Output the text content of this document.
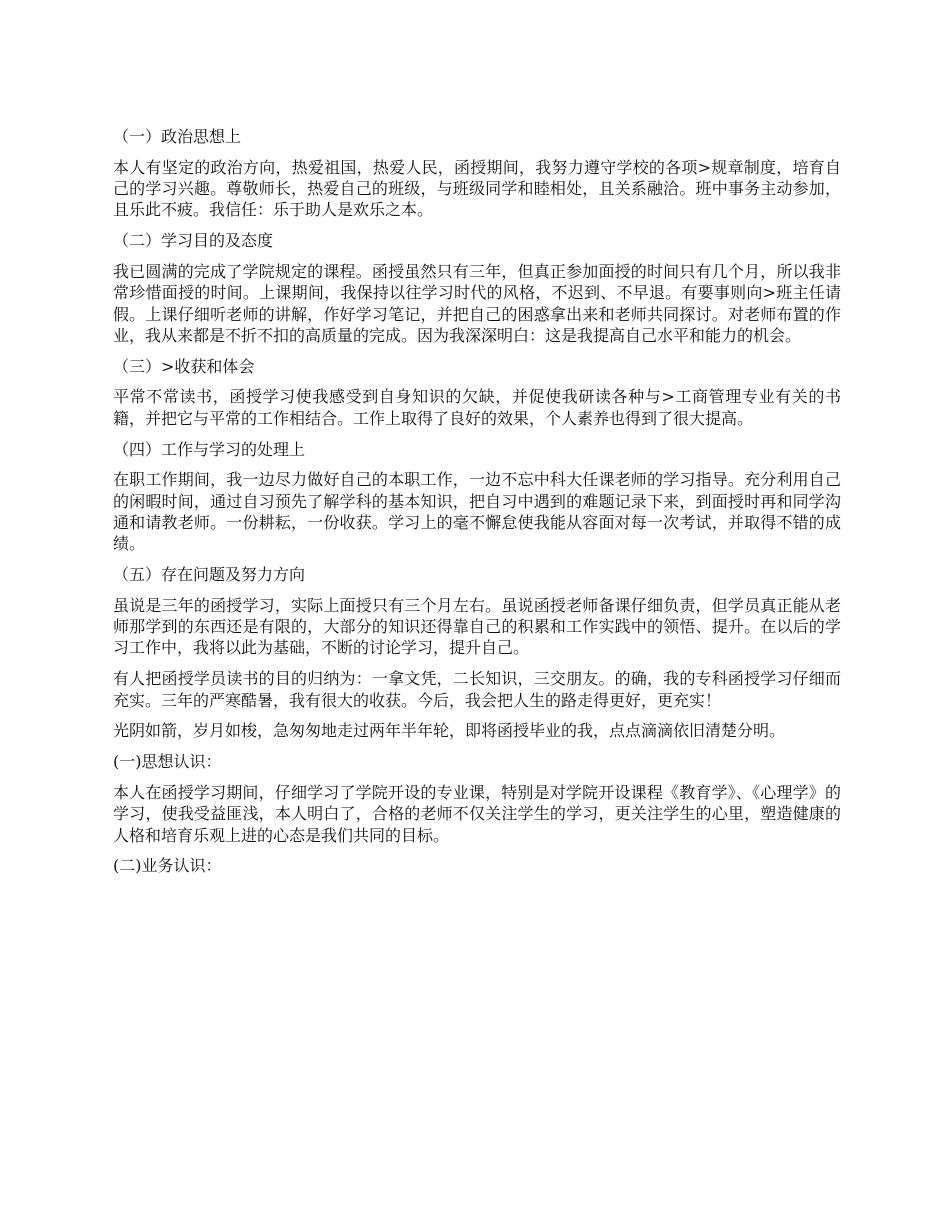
（一）政治思想上

本人有坚定的政治方向，热爱祖国，热爱人民，函授期间，我努力遵守学校的各项>规章制度，培育自己的学习兴趣。尊敬师长，热爱自己的班级，与班级同学和睦相处，且关系融洽。班中事务主动参加，且乐此不疲。我信任：乐于助人是欢乐之本。

（二）学习目的及态度

我已圆满的完成了学院规定的课程。函授虽然只有三年，但真正参加面授的时间只有几个月，所以我非常珍惜面授的时间。上课期间，我保持以往学习时代的风格，不迟到、不早退。有要事则向>班主任请假。上课仔细听老师的讲解，作好学习笔记，并把自己的困惑拿出来和老师共同探讨。对老师布置的作业，我从来都是不折不扣的高质量的完成。因为我深深明白：这是我提高自己水平和能力的机会。

（三）>收获和体会

平常不常读书，函授学习使我感受到自身知识的欠缺，并促使我研读各种与>工商管理专业有关的书籍，并把它与平常的工作相结合。工作上取得了良好的效果，个人素养也得到了很大提高。

（四）工作与学习的处理上

在职工作期间，我一边尽力做好自己的本职工作，一边不忘中科大任课老师的学习指导。充分利用自己的闲暇时间，通过自习预先了解学科的基本知识，把自习中遇到的难题记录下来，到面授时再和同学沟通和请教老师。一份耕耘，一份收获。学习上的毫不懈怠使我能从容面对每一次考试，并取得不错的成绩。

（五）存在问题及努力方向

虽说是三年的函授学习，实际上面授只有三个月左右。虽说函授老师备课仔细负责，但学员真正能从老师那学到的东西还是有限的，大部分的知识还得靠自己的积累和工作实践中的领悟、提升。在以后的学习工作中，我将以此为基础，不断的讨论学习，提升自己。

有人把函授学员读书的目的归纳为：一拿文凭，二长知识，三交朋友。的确，我的专科函授学习仔细而充实。三年的严寒酷暑，我有很大的收获。今后，我会把人生的路走得更好，更充实！

光阴如箭，岁月如梭，急匆匆地走过两年半年轮，即将函授毕业的我，点点滴滴依旧清楚分明。

(一)思想认识：

本人在函授学习期间，仔细学习了学院开设的专业课，特别是对学院开设课程《教育学》、《心理学》的学习，使我受益匪浅，本人明白了，合格的老师不仅关注学生的学习，更关注学生的心里，塑造健康的人格和培育乐观上进的心态是我们共同的目标。

(二)业务认识：
